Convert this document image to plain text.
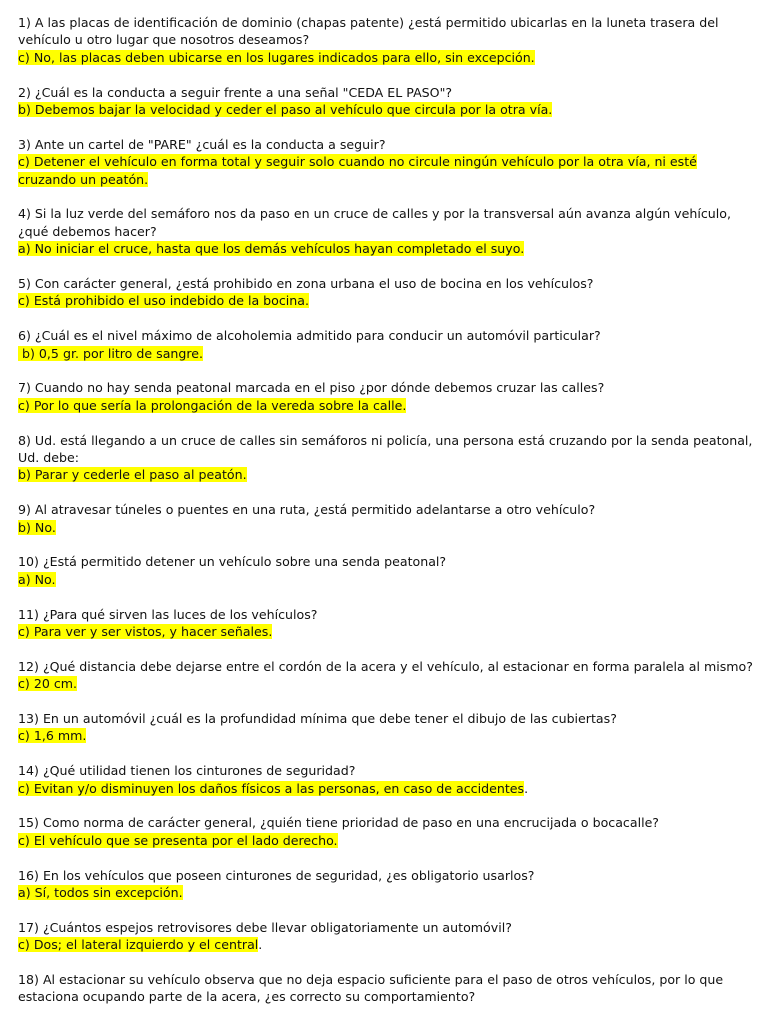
1) A las placas de identificación de dominio (chapas patente) ¿está permitido ubicarlas en la luneta trasera del vehículo u otro lugar que nosotros deseamos?
c) No, las placas deben ubicarse en los lugares indicados para ello, sin excepción.
2) ¿Cuál es la conducta a seguir frente a una señal "CEDA EL PASO"?
b) Debemos bajar la velocidad y ceder el paso al vehículo que circula por la otra vía.
3) Ante un cartel de "PARE" ¿cuál es la conducta a seguir?
c) Detener el vehículo en forma total y seguir solo cuando no circule ningún vehículo por la otra vía, ni esté cruzando un peatón.
4) Si la luz verde del semáforo nos da paso en un cruce de calles y por la transversal aún avanza algún vehículo, ¿qué debemos hacer?
a) No iniciar el cruce, hasta que los demás vehículos hayan completado el suyo.
5) Con carácter general, ¿está prohibido en zona urbana el uso de bocina en los vehículos?
c) Está prohibido el uso indebido de la bocina.
6) ¿Cuál es el nivel máximo de alcoholemia admitido para conducir un automóvil particular?
b) 0,5 gr. por litro de sangre.
7) Cuando no hay senda peatonal marcada en el piso ¿por dónde debemos cruzar las calles?
c) Por lo que sería la prolongación de la vereda sobre la calle.
8) Ud. está llegando a un cruce de calles sin semáforos ni policía, una persona está cruzando por la senda peatonal, Ud. debe:
b) Parar y cederle el paso al peatón.
9) Al atravesar túneles o puentes en una ruta, ¿está permitido adelantarse a otro vehículo?
b) No.
10) ¿Está permitido detener un vehículo sobre una senda peatonal?
a) No.
11) ¿Para qué sirven las luces de los vehículos?
c) Para ver y ser vistos, y hacer señales.
12) ¿Qué distancia debe dejarse entre el cordón de la acera y el vehículo, al estacionar en forma paralela al mismo?
c) 20 cm.
13) En un automóvil ¿cuál es la profundidad mínima que debe tener el dibujo de las cubiertas?
c) 1,6 mm.
14) ¿Qué utilidad tienen los cinturones de seguridad?
c) Evitan y/o disminuyen los daños físicos a las personas, en caso de accidentes.
15) Como norma de carácter general, ¿quién tiene prioridad de paso en una encrucijada o bocacalle?
c) El vehículo que se presenta por el lado derecho.
16) En los vehículos que poseen cinturones de seguridad, ¿es obligatorio usarlos?
a) Sí, todos sin excepción.
17) ¿Cuántos espejos retrovisores debe llevar obligatoriamente un automóvil?
c) Dos; el lateral izquierdo y el central.
18) Al estacionar su vehículo observa que no deja espacio suficiente para el paso de otros vehículos, por lo que estaciona ocupando parte de la acera, ¿es correcto su comportamiento?
